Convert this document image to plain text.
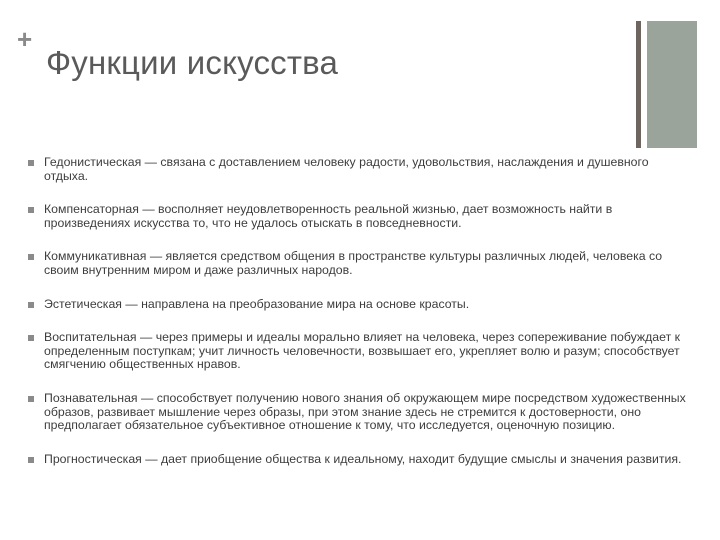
+
Функции искусства
Гедонистическая — связана с доставлением человеку радости, удовольствия, наслаждения и душевного отдыха.
Компенсаторная — восполняет неудовлетворенность реальной жизнью, дает возможность найти в произведениях искусства то, что не удалось отыскать в повседневности.
Коммуникативная — является средством общения в пространстве культуры различных людей, человека со своим внутренним миром и даже различных народов.
Эстетическая — направлена на преобразование мира на основе красоты.
Воспитательная — через примеры и идеалы морально влияет на человека, через сопереживание побуждает к определенным поступкам; учит личность человечности, возвышает его, укрепляет волю и разум; способствует смягчению общественных нравов.
Познавательная — способствует получению нового знания об окружающем мире посредством художественных образов, развивает мышление через образы, при этом знание здесь не стремится к достоверности, оно предполагает обязательное субъективное отношение к тому, что исследуется, оценочную позицию.
Прогностическая — дает приобщение общества к идеальному, находит будущие смыслы и значения развития.
